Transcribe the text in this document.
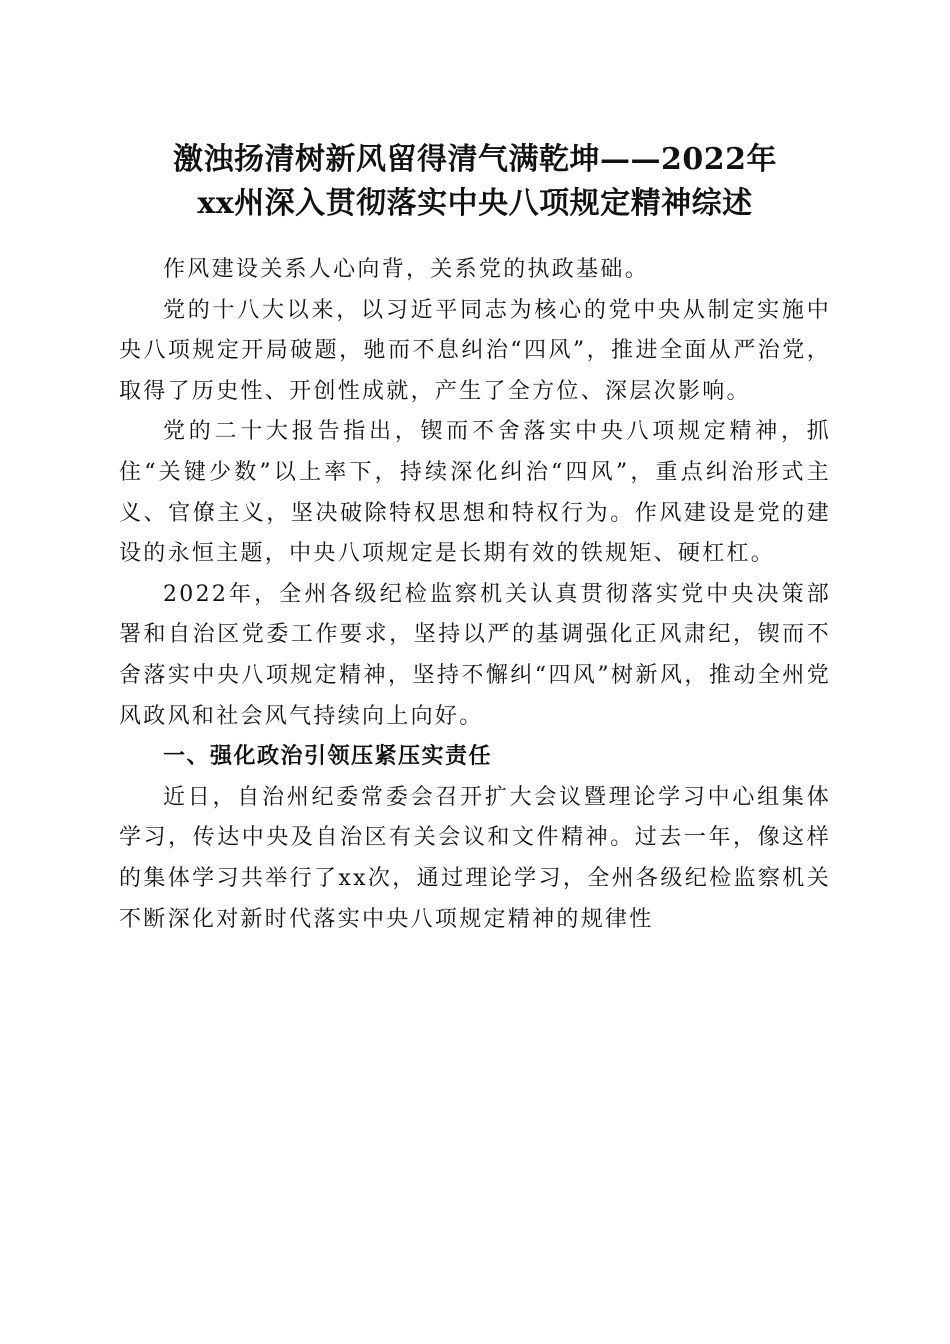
激浊扬清树新风留得清气满乾坤——2022年
xx州深入贯彻落实中央八项规定精神综述

作风建设关系人心向背，关系党的执政基础。

党的十八大以来，以习近平同志为核心的党中央从制定实施中央八项规定开局破题，驰而不息纠治“四风”，推进全面从严治党，取得了历史性、开创性成就，产生了全方位、深层次影响。

党的二十大报告指出，锲而不舍落实中央八项规定精神，抓住“关键少数”以上率下，持续深化纠治“四风”，重点纠治形式主义、官僚主义，坚决破除特权思想和特权行为。作风建设是党的建设的永恒主题，中央八项规定是长期有效的铁规矩、硬杠杠。

2022年，全州各级纪检监察机关认真贯彻落实党中央决策部署和自治区党委工作要求，坚持以严的基调强化正风肃纪，锲而不舍落实中央八项规定精神，坚持不懈纠“四风”树新风，推动全州党风政风和社会风气持续向上向好。

一、强化政治引领压紧压实责任

近日，自治州纪委常委会召开扩大会议暨理论学习中心组集体学习，传达中央及自治区有关会议和文件精神。过去一年，像这样的集体学习共举行了xx次，通过理论学习，全州各级纪检监察机关不断深化对新时代落实中央八项规定精神的规律性
